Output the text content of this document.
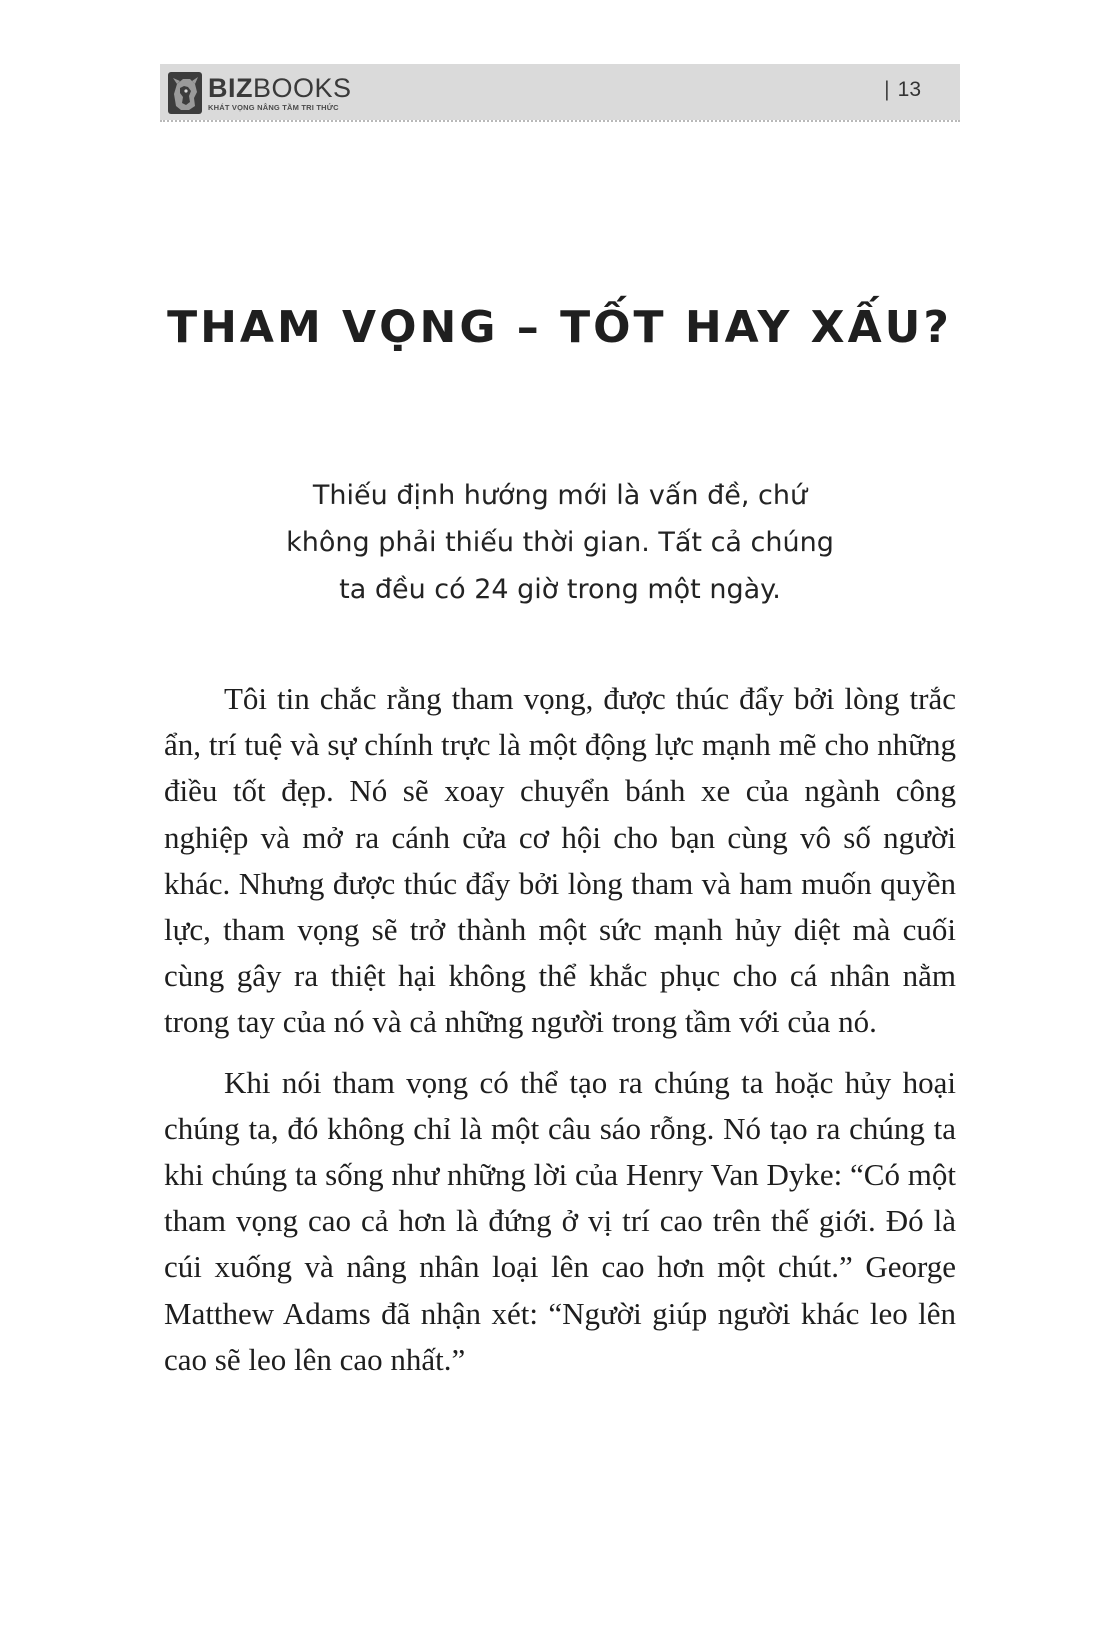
BIZBOOKS
KHÁT VỌNG NÂNG TẦM TRI THỨC
| 13
THAM VỌNG – TỐT HAY XẤU?
Thiếu định hướng mới là vấn đề, chứ
không phải thiếu thời gian. Tất cả chúng
ta đều có 24 giờ trong một ngày.

Tôi tin chắc rằng tham vọng, được thúc đẩy bởi lòng trắc ẩn, trí tuệ và sự chính trực là một động lực mạnh mẽ cho những điều tốt đẹp. Nó sẽ xoay chuyển bánh xe của ngành công nghiệp và mở ra cánh cửa cơ hội cho bạn cùng vô số người khác. Nhưng được thúc đẩy bởi lòng tham và ham muốn quyền lực, tham vọng sẽ trở thành một sức mạnh hủy diệt mà cuối cùng gây ra thiệt hại không thể khắc phục cho cá nhân nằm trong tay của nó và cả những người trong tầm với của nó.

Khi nói tham vọng có thể tạo ra chúng ta hoặc hủy hoại chúng ta, đó không chỉ là một câu sáo rỗng. Nó tạo ra chúng ta khi chúng ta sống như những lời của Henry Van Dyke: “Có một tham vọng cao cả hơn là đứng ở vị trí cao trên thế giới. Đó là cúi xuống và nâng nhân loại lên cao hơn một chút.” George Matthew Adams đã nhận xét: “Người giúp người khác leo lên cao sẽ leo lên cao nhất.”
